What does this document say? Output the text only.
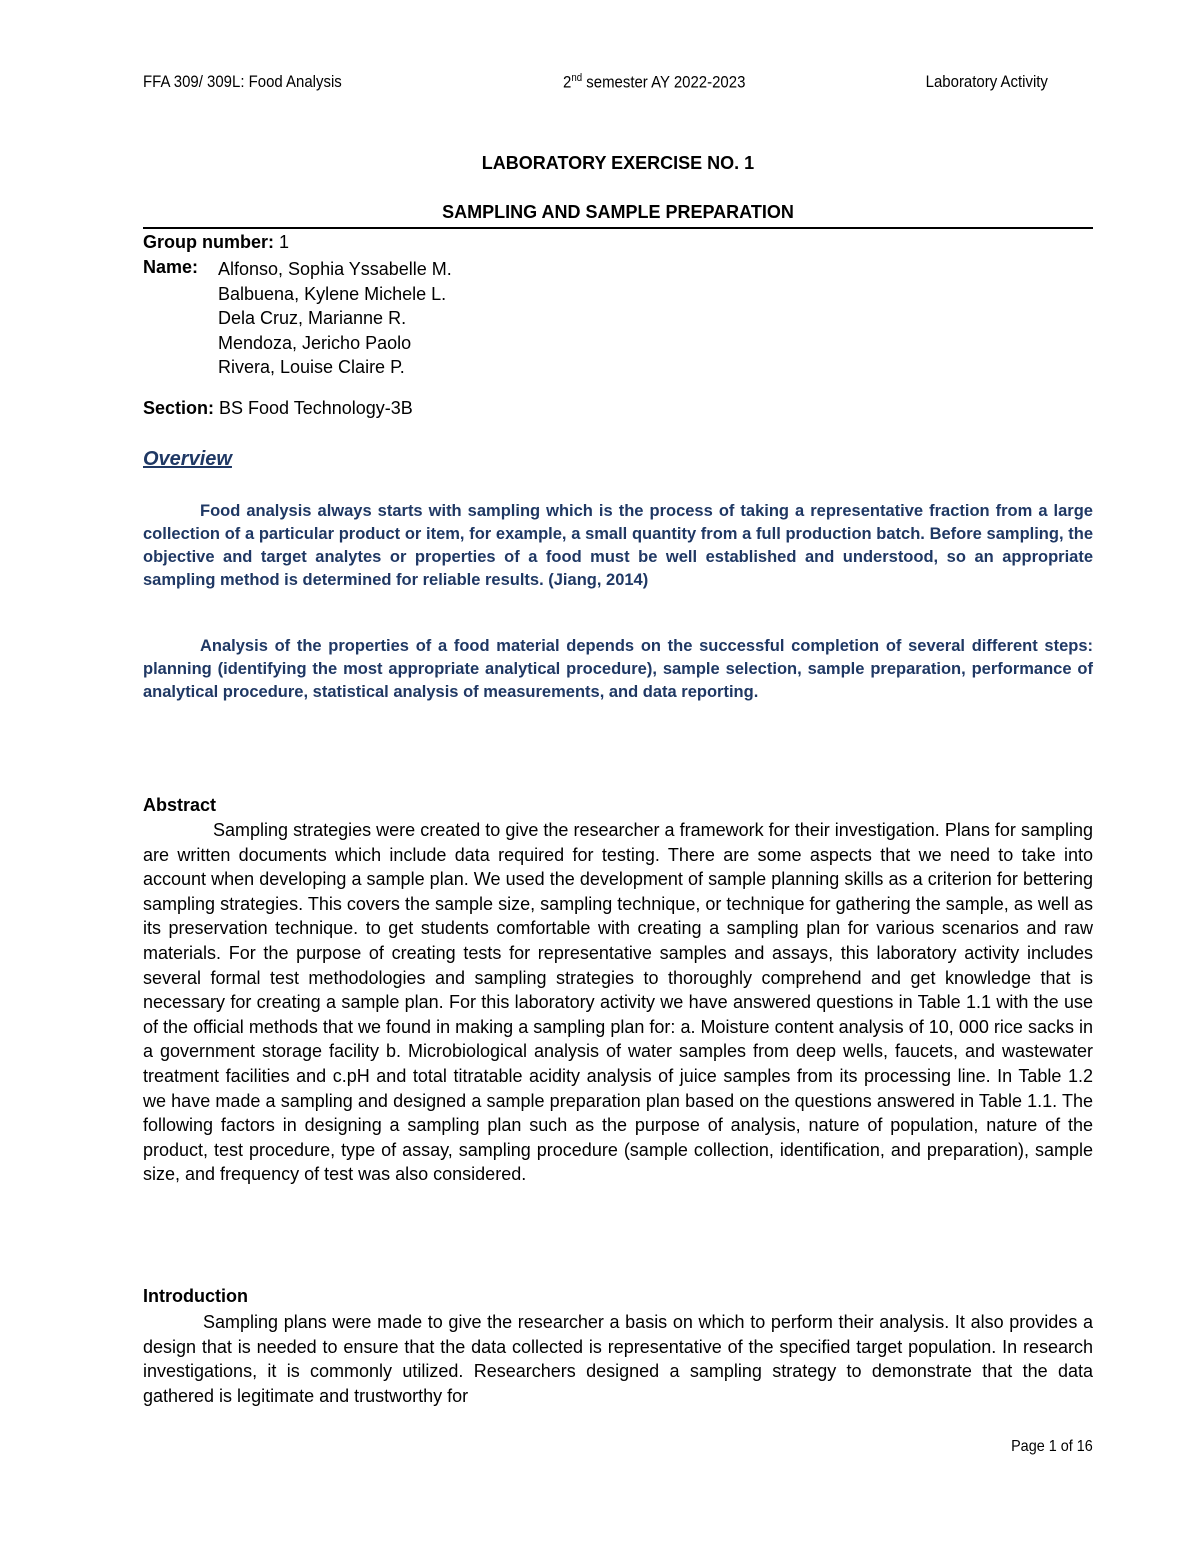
FFA 309/ 309L: Food Analysis	2nd semester AY 2022-2023	Laboratory Activity
LABORATORY EXERCISE NO. 1
SAMPLING AND SAMPLE PREPARATION
Group number: 1
Name: Alfonso, Sophia Yssabelle M.
Balbuena, Kylene Michele L.
Dela Cruz, Marianne R.
Mendoza, Jericho Paolo
Rivera, Louise Claire P.
Section: BS Food Technology-3B
Overview

Food analysis always starts with sampling which is the process of taking a representative fraction from a large collection of a particular product or item, for example, a small quantity from a full production batch. Before sampling, the objective and target analytes or properties of a food must be well established and understood, so an appropriate sampling method is determined for reliable results. (Jiang, 2014)

Analysis of the properties of a food material depends on the successful completion of several different steps: planning (identifying the most appropriate analytical procedure), sample selection, sample preparation, performance of analytical procedure, statistical analysis of measurements, and data reporting.

Abstract

Sampling strategies were created to give the researcher a framework for their investigation. Plans for sampling are written documents which include data required for testing. There are some aspects that we need to take into account when developing a sample plan. We used the development of sample planning skills as a criterion for bettering sampling strategies. This covers the sample size, sampling technique, or technique for gathering the sample, as well as its preservation technique. to get students comfortable with creating a sampling plan for various scenarios and raw materials. For the purpose of creating tests for representative samples and assays, this laboratory activity includes several formal test methodologies and sampling strategies to thoroughly comprehend and get knowledge that is necessary for creating a sample plan. For this laboratory activity we have answered questions in Table 1.1 with the use of the official methods that we found in making a sampling plan for: a. Moisture content analysis of 10, 000 rice sacks in a government storage facility b. Microbiological analysis of water samples from deep wells, faucets, and wastewater treatment facilities and c.pH and total titratable acidity analysis of juice samples from its processing line. In Table 1.2 we have made a sampling and designed a sample preparation plan based on the questions answered in Table 1.1. The following factors in designing a sampling plan such as the purpose of analysis, nature of population, nature of the product, test procedure, type of assay, sampling procedure (sample collection, identification, and preparation), sample size, and frequency of test was also considered.

Introduction

Sampling plans were made to give the researcher a basis on which to perform their analysis. It also provides a design that is needed to ensure that the data collected is representative of the specified target population. In research investigations, it is commonly utilized. Researchers designed a sampling strategy to demonstrate that the data gathered is legitimate and trustworthy for

Page 1 of 16
